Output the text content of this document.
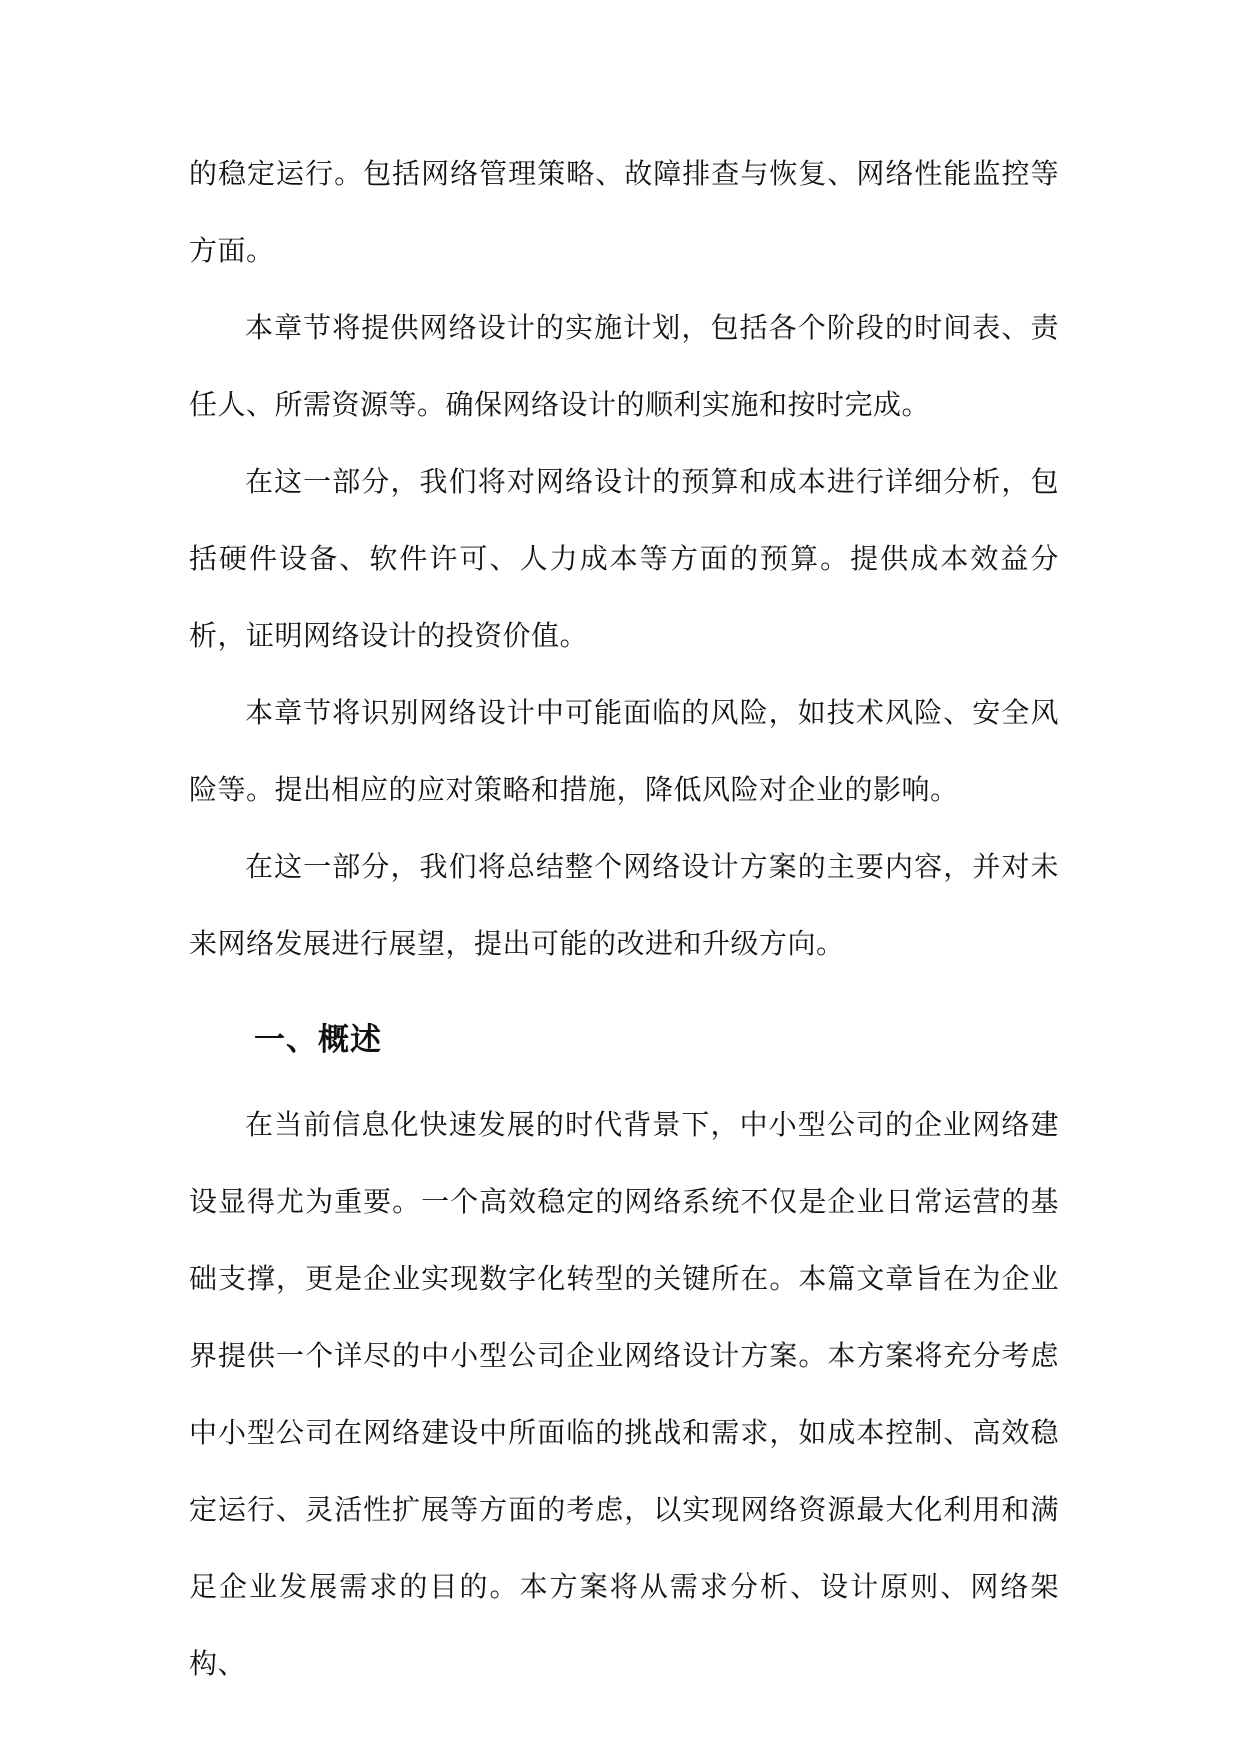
的稳定运行。包括网络管理策略、故障排查与恢复、网络性能监控等方面。

本章节将提供网络设计的实施计划，包括各个阶段的时间表、责任人、所需资源等。确保网络设计的顺利实施和按时完成。

在这一部分，我们将对网络设计的预算和成本进行详细分析，包括硬件设备、软件许可、人力成本等方面的预算。提供成本效益分析，证明网络设计的投资价值。

本章节将识别网络设计中可能面临的风险，如技术风险、安全风险等。提出相应的应对策略和措施，降低风险对企业的影响。

在这一部分，我们将总结整个网络设计方案的主要内容，并对未来网络发展进行展望，提出可能的改进和升级方向。

一、概述

在当前信息化快速发展的时代背景下，中小型公司的企业网络建设显得尤为重要。一个高效稳定的网络系统不仅是企业日常运营的基础支撑，更是企业实现数字化转型的关键所在。本篇文章旨在为企业界提供一个详尽的中小型公司企业网络设计方案。本方案将充分考虑中小型公司在网络建设中所面临的挑战和需求，如成本控制、高效稳定运行、灵活性扩展等方面的考虑，以实现网络资源最大化利用和满足企业发展需求的目的。本方案将从需求分析、设计原则、网络架构、
